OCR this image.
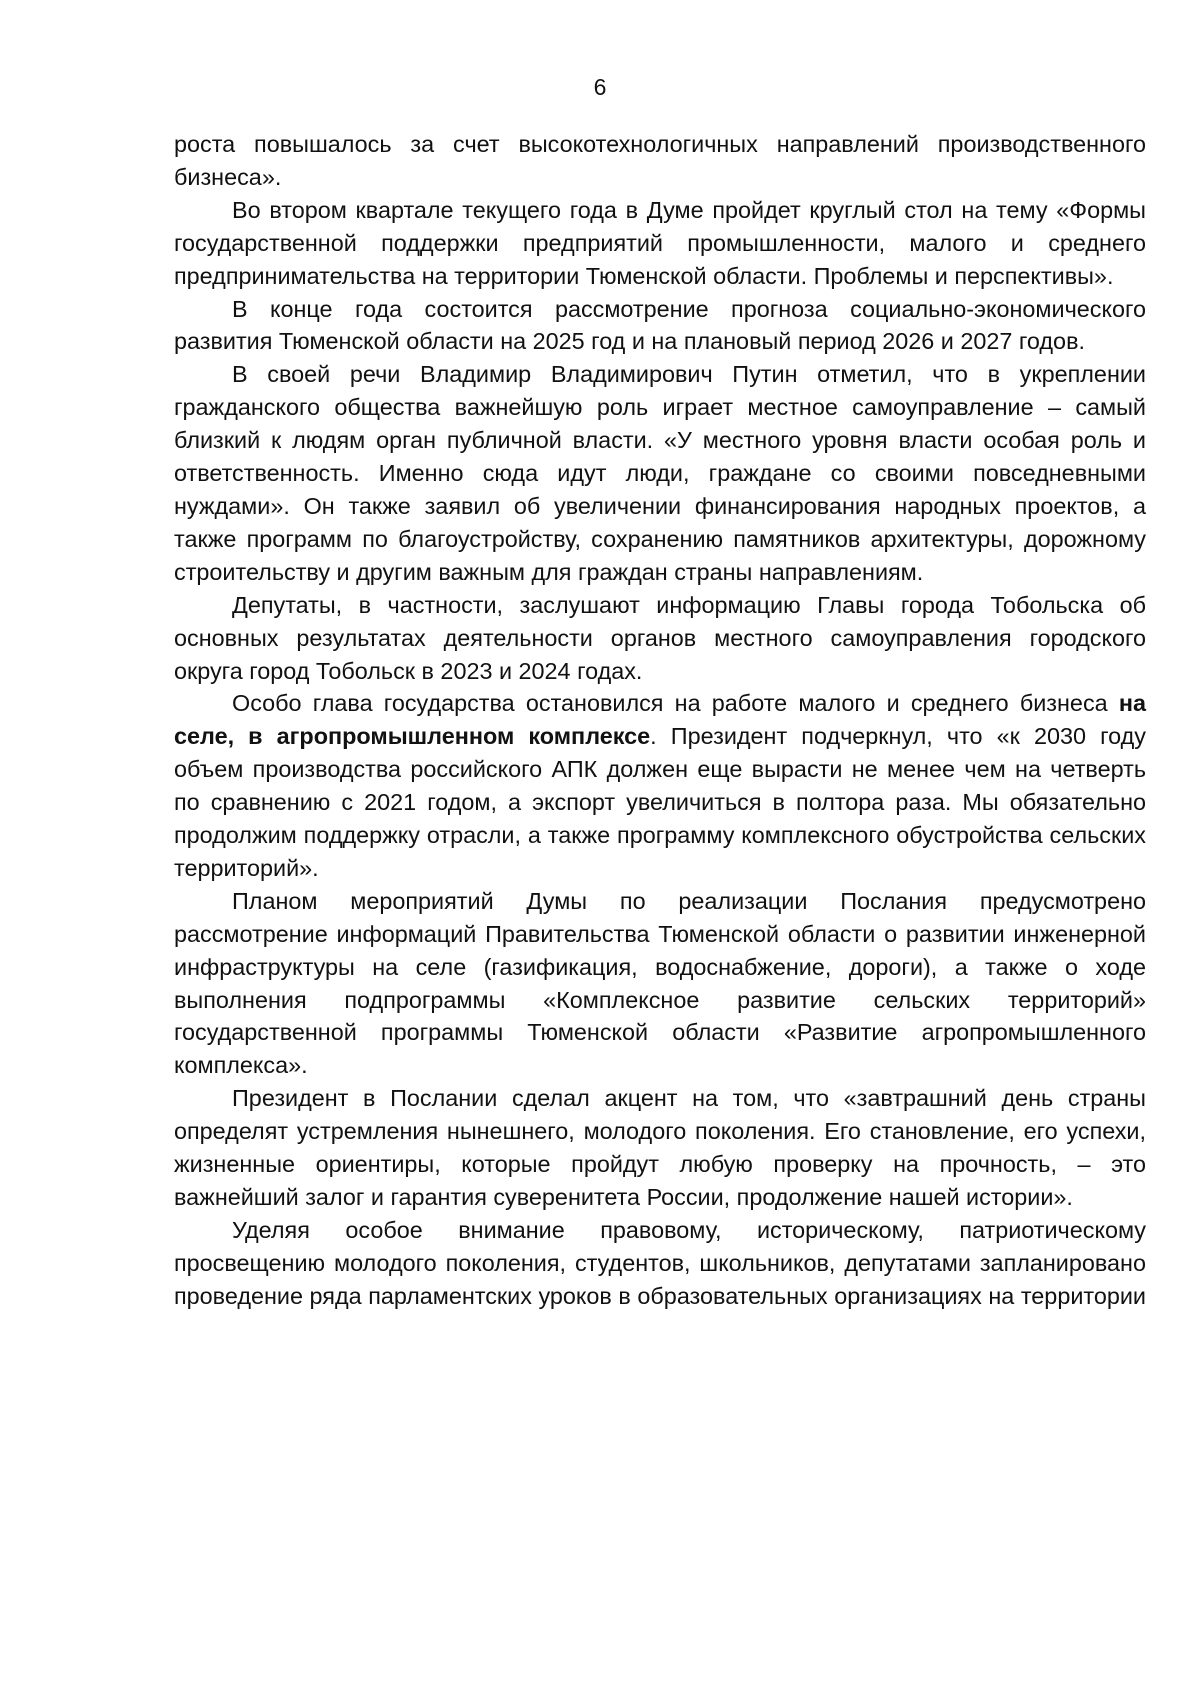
6

роста повышалось за счет высокотехнологичных направлений производственного бизнеса».

Во втором квартале текущего года в Думе пройдет круглый стол на тему «Формы государственной поддержки предприятий промышленности, малого и среднего предпринимательства на территории Тюменской области. Проблемы и перспективы».

В конце года состоится рассмотрение прогноза социально-экономического развития Тюменской области на 2025 год и на плановый период 2026 и 2027 годов.

В своей речи Владимир Владимирович Путин отметил, что в укреплении гражданского общества важнейшую роль играет местное самоуправление – самый близкий к людям орган публичной власти. «У местного уровня власти особая роль и ответственность. Именно сюда идут люди, граждане со своими повседневными нуждами». Он также заявил об увеличении финансирования народных проектов, а также программ по благоустройству, сохранению памятников архитектуры, дорожному строительству и другим важным для граждан страны направлениям.

Депутаты, в частности, заслушают информацию Главы города Тобольска об основных результатах деятельности органов местного самоуправления городского округа город Тобольск в 2023 и 2024 годах.

Особо глава государства остановился на работе малого и среднего бизнеса на селе, в агропромышленном комплексе. Президент подчеркнул, что «к 2030 году объем производства российского АПК должен еще вырасти не менее чем на четверть по сравнению с 2021 годом, а экспорт увеличиться в полтора раза. Мы обязательно продолжим поддержку отрасли, а также программу комплексного обустройства сельских территорий».

Планом мероприятий Думы по реализации Послания предусмотрено рассмотрение информаций Правительства Тюменской области о развитии инженерной инфраструктуры на селе (газификация, водоснабжение, дороги), а также о ходе выполнения подпрограммы «Комплексное развитие сельских территорий» государственной программы Тюменской области «Развитие агропромышленного комплекса».

Президент в Послании сделал акцент на том, что «завтрашний день страны определят устремления нынешнего, молодого поколения. Его становление, его успехи, жизненные ориентиры, которые пройдут любую проверку на прочность, – это важнейший залог и гарантия суверенитета России, продолжение нашей истории».

Уделяя особое внимание правовому, историческому, патриотическому просвещению молодого поколения, студентов, школьников, депутатами запланировано проведение ряда парламентских уроков в образовательных организациях на территории
